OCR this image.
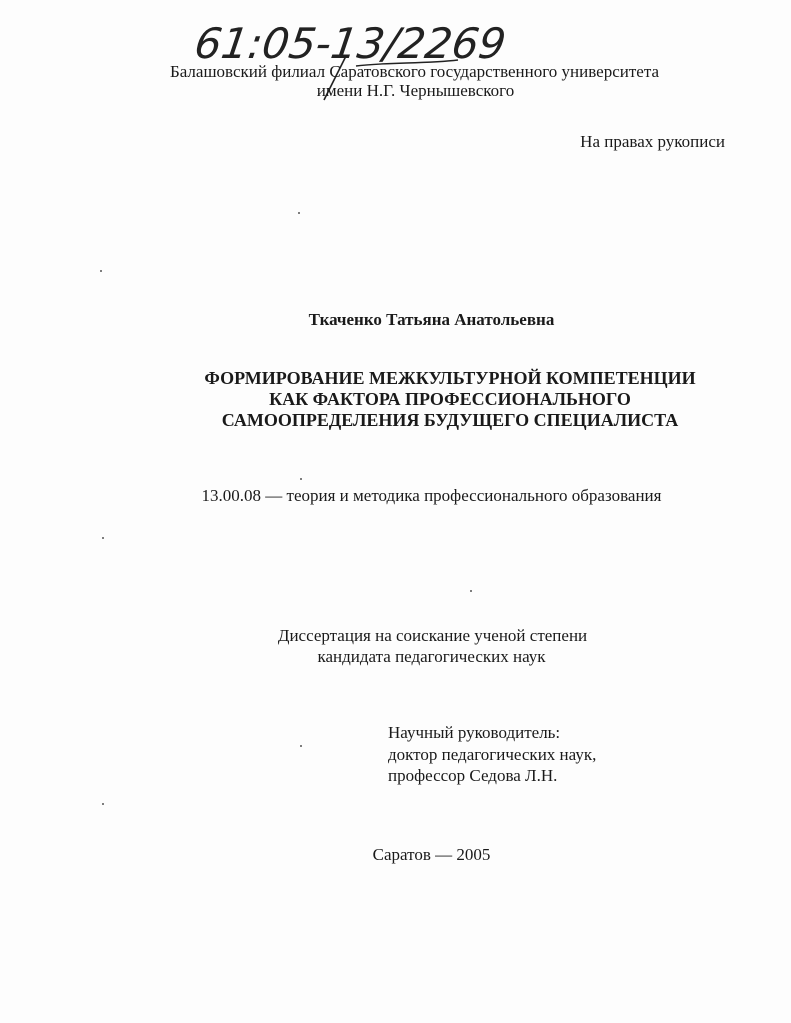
61:05-13/2269
Балашовский филиал Саратовского государственного университета
имени Н.Г. Чернышевского
На правах рукописи
Ткаченко Татьяна Анатольевна
ФОРМИРОВАНИЕ МЕЖКУЛЬТУРНОЙ КОМПЕТЕНЦИИ
КАК ФАКТОРА ПРОФЕССИОНАЛЬНОГО
САМООПРЕДЕЛЕНИЯ БУДУЩЕГО СПЕЦИАЛИСТА
13.00.08 — теория и методика профессионального образования
Диссертация на соискание ученой степени
кандидата педагогических наук
Научный руководитель:
доктор педагогических наук,
профессор Седова Л.Н.
Саратов — 2005
